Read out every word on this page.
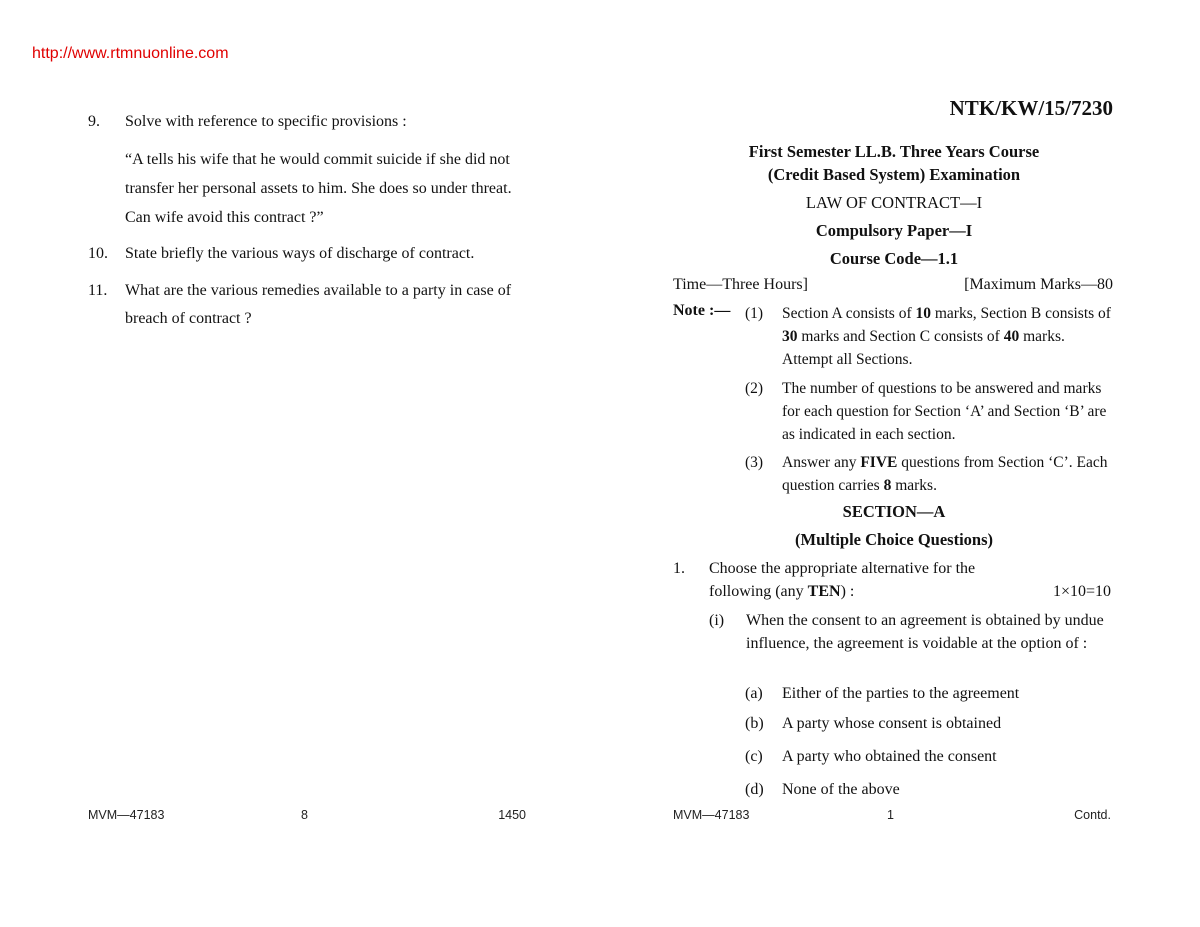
http://www.rtmnuonline.com
9. Solve with reference to specific provisions :
“A tells his wife that he would commit suicide if she did not transfer her personal assets to him. She does so under threat. Can wife avoid this contract ?”
10. State briefly the various ways of discharge of contract.
11. What are the various remedies available to a party in case of breach of contract ?
MVM—47183	8	1450
NTK/KW/15/7230
First Semester LL.B. Three Years Course
(Credit Based System) Examination
LAW OF CONTRACT—I
Compulsory Paper—I
Course Code—1.1
Time—Three Hours]	[Maximum Marks—80
Note :— (1) Section A consists of 10 marks, Section B consists of 30 marks and Section C consists of 40 marks. Attempt all Sections.
(2) The number of questions to be answered and marks for each question for Section ‘A’ and Section ‘B’ are as indicated in each section.
(3) Answer any FIVE questions from Section ‘C’. Each question carries 8 marks.
SECTION—A
(Multiple Choice Questions)
1. Choose the appropriate alternative for the following (any TEN) :	1×10=10
(i) When the consent to an agreement is obtained by undue influence, the agreement is voidable at the option of :
(a) Either of the parties to the agreement
(b) A party whose consent is obtained
(c) A party who obtained the consent
(d) None of the above
MVM—47183	1	Contd.
